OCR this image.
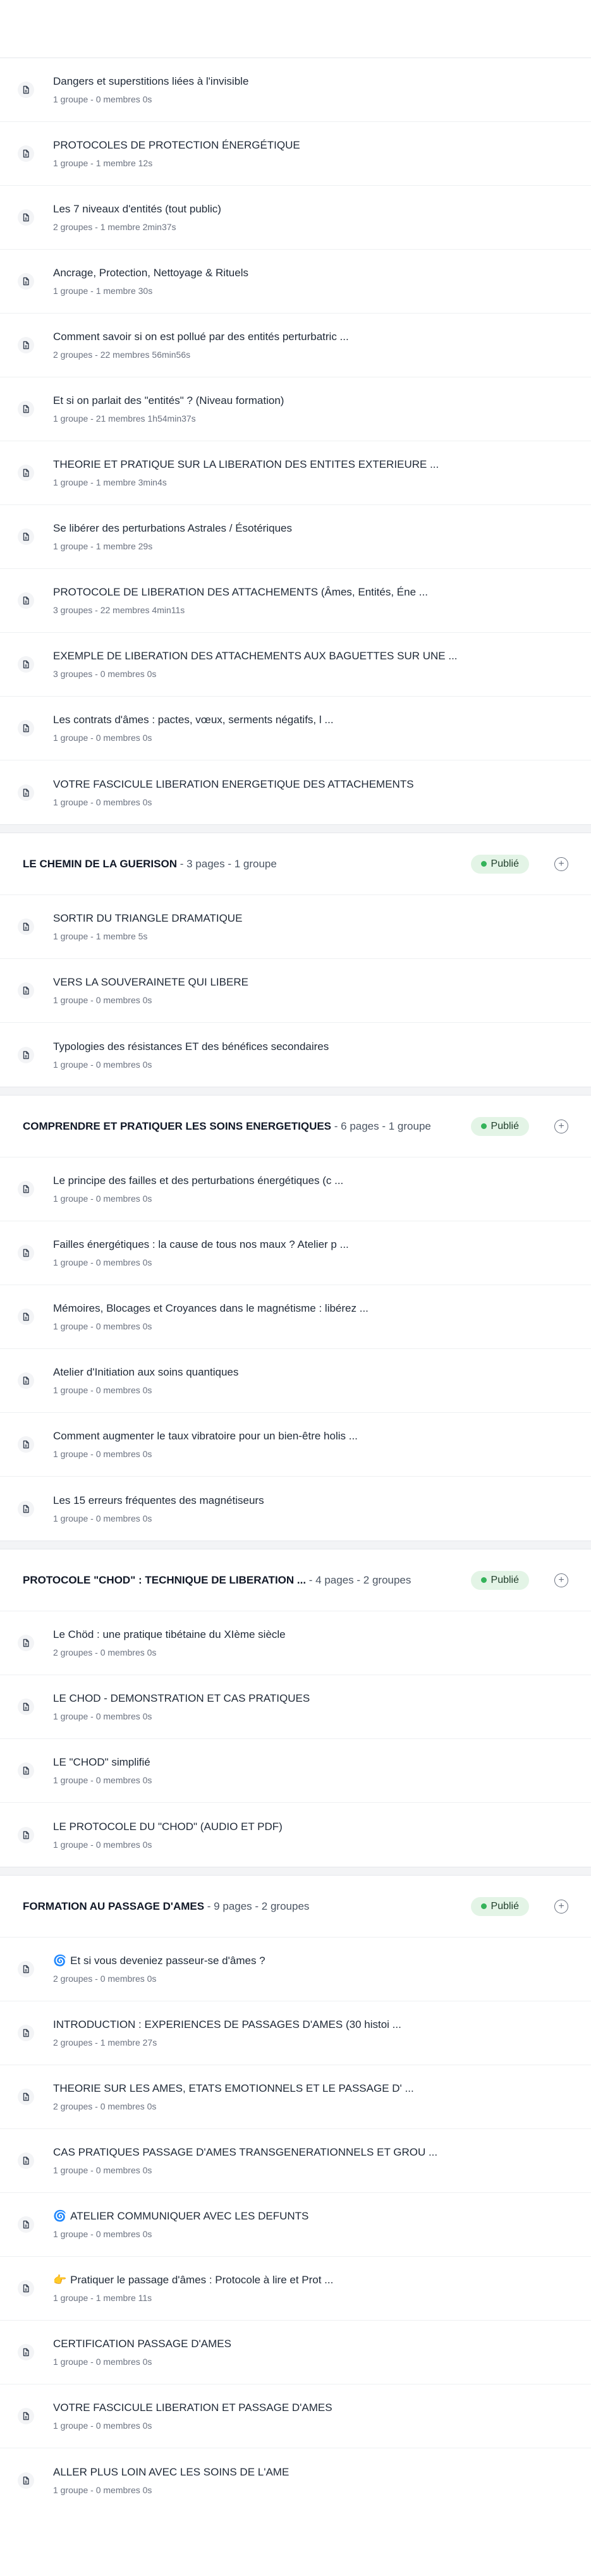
Dangers et superstitions liées à l'invisible
1 groupe - 0 membres 0s
PROTOCOLES DE PROTECTION ÉNERGÉTIQUE
1 groupe - 1 membre 12s
Les 7 niveaux d'entités (tout public)
2 groupes - 1 membre 2min37s
Ancrage, Protection, Nettoyage & Rituels
1 groupe - 1 membre 30s
Comment savoir si on est pollué par des entités perturbatric ...
2 groupes - 22 membres 56min56s
Et si on parlait des "entités" ? (Niveau formation)
1 groupe - 21 membres 1h54min37s
THEORIE ET PRATIQUE SUR LA LIBERATION DES ENTITES EXTERIEURE ...
1 groupe - 1 membre 3min4s
Se libérer des perturbations Astrales / Ésotériques
1 groupe - 1 membre 29s
PROTOCOLE DE LIBERATION DES ATTACHEMENTS (Âmes, Entités, Éne ...
3 groupes - 22 membres 4min11s
EXEMPLE DE LIBERATION DES ATTACHEMENTS AUX BAGUETTES SUR UNE ...
3 groupes - 0 membres 0s
Les contrats d'âmes : pactes, vœux, serments négatifs, l ...
1 groupe - 0 membres 0s
VOTRE FASCICULE LIBERATION ENERGETIQUE DES ATTACHEMENTS
1 groupe - 0 membres 0s
LE CHEMIN DE LA GUERISON - 3 pages - 1 groupe	Publié	+
SORTIR DU TRIANGLE DRAMATIQUE
1 groupe - 1 membre 5s
VERS LA SOUVERAINETE QUI LIBERE
1 groupe - 0 membres 0s
Typologies des résistances ET des bénéfices secondaires
1 groupe - 0 membres 0s
COMPRENDRE ET PRATIQUER LES SOINS ENERGETIQUES - 6 pages - 1 groupe	Publié	+
Le principe des failles et des perturbations énergétiques (c ...
1 groupe - 0 membres 0s
Failles énergétiques : la cause de tous nos maux ? Atelier p ...
1 groupe - 0 membres 0s
Mémoires, Blocages et Croyances dans le magnétisme : libérez ...
1 groupe - 0 membres 0s
Atelier d'Initiation aux soins quantiques
1 groupe - 0 membres 0s
Comment augmenter le taux vibratoire pour un bien-être holis ...
1 groupe - 0 membres 0s
Les 15 erreurs fréquentes des magnétiseurs
1 groupe - 0 membres 0s
PROTOCOLE "CHOD" : TECHNIQUE DE LIBERATION ... - 4 pages - 2 groupes	Publié	+
Le Chöd : une pratique tibétaine du XIème siècle
2 groupes - 0 membres 0s
LE CHOD - DEMONSTRATION ET CAS PRATIQUES
1 groupe - 0 membres 0s
LE "CHOD" simplifié
1 groupe - 0 membres 0s
LE PROTOCOLE DU "CHOD" (AUDIO ET PDF)
1 groupe - 0 membres 0s
FORMATION AU PASSAGE D'AMES - 9 pages - 2 groupes	Publié	+
🌀 Et si vous deveniez passeur-se d'âmes ?
2 groupes - 0 membres 0s
INTRODUCTION : EXPERIENCES DE PASSAGES D'AMES (30 histoi ...
2 groupes - 1 membre 27s
THEORIE SUR LES AMES, ETATS EMOTIONNELS ET LE PASSAGE D' ...
2 groupes - 0 membres 0s
CAS PRATIQUES PASSAGE D'AMES TRANSGENERATIONNELS ET GROU ...
1 groupe - 0 membres 0s
🌀 ATELIER COMMUNIQUER AVEC LES DEFUNTS
1 groupe - 0 membres 0s
👉 Pratiquer le passage d'âmes : Protocole à lire et Prot ...
1 groupe - 1 membre 11s
CERTIFICATION PASSAGE D'AMES
1 groupe - 0 membres 0s
VOTRE FASCICULE LIBERATION ET PASSAGE D'AMES
1 groupe - 0 membres 0s
ALLER PLUS LOIN AVEC LES SOINS DE L'AME
1 groupe - 0 membres 0s
